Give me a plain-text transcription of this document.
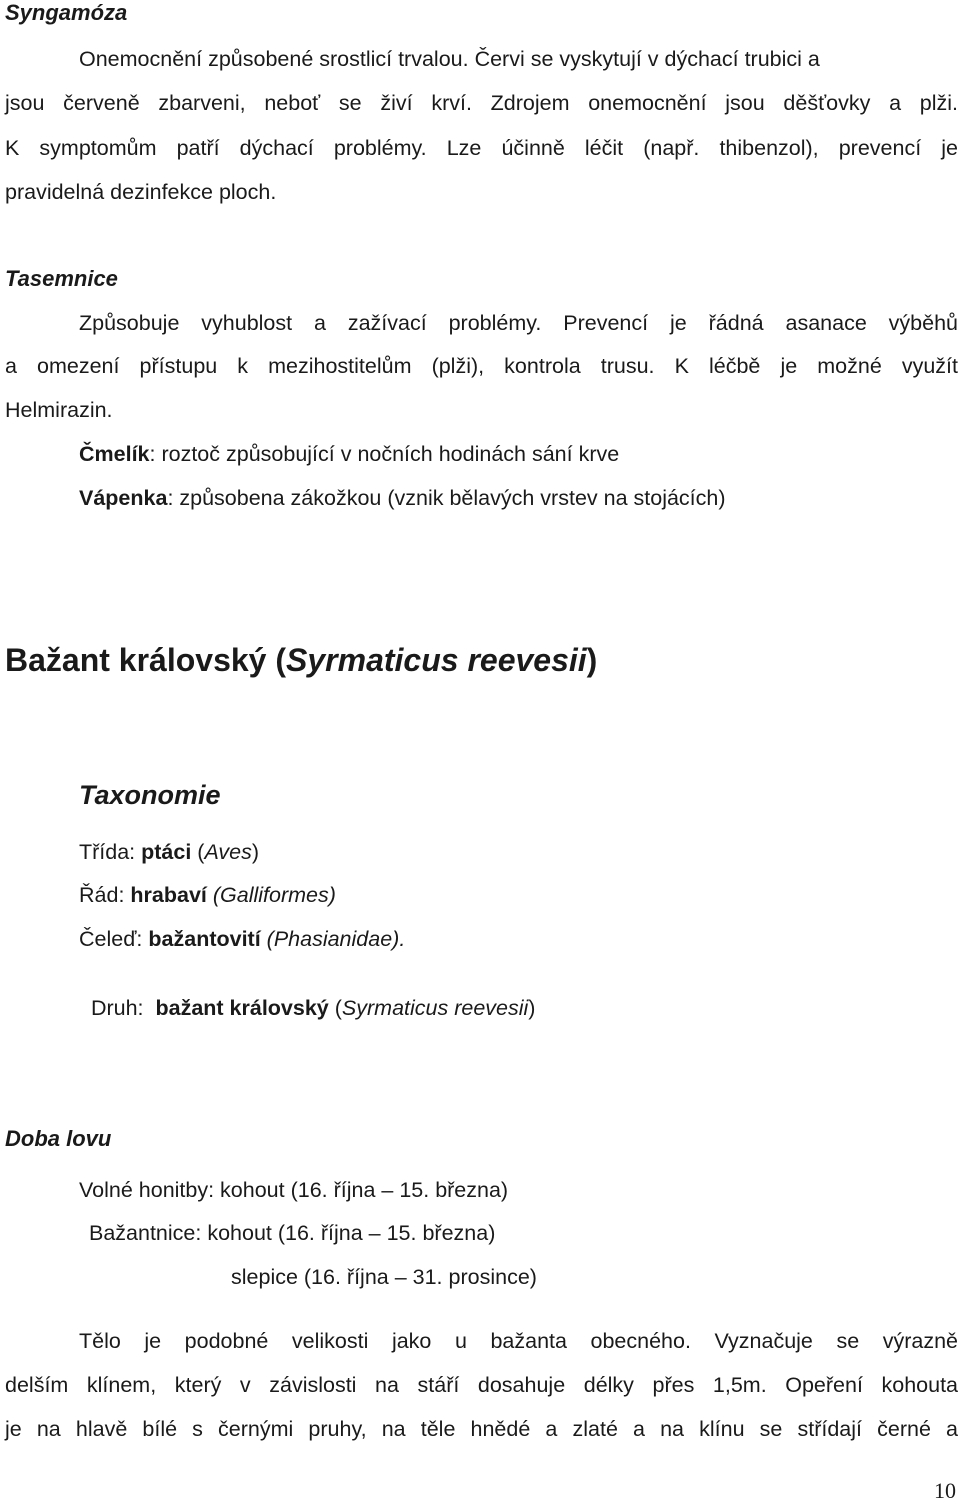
Syngamóza
Onemocnění způsobené srostlicí trvalou. Červi se vyskytují v dýchací trubici a
jsou červeně zbarveni, neboť se živí krví. Zdrojem onemocnění jsou děšťovky a plži.
K symptomům patří dýchací problémy. Lze účinně léčit (např. thibenzol), prevencí je
pravidelná dezinfekce ploch.
Tasemnice
Způsobuje vyhublost a zažívací problémy. Prevencí je řádná asanace výběhů
a omezení přístupu k mezihostitelům (plži), kontrola trusu. K léčbě je možné využít
Helmirazin.
Čmelík: roztoč způsobující v nočních hodinách sání krve
Vápenka: způsobena zákožkou (vznik bělavých vrstev na stojácích)
Bažant královský (Syrmaticus reevesii)
Taxonomie
Třída: ptáci (Aves)
Řád: hrabaví (Galliformes)
Čeleď: bažantovití (Phasianidae).

Druh:  bažant královský (Syrmaticus reevesii)

Doba lovu
Volné honitby: kohout (16. října – 15. března)
Bažantnice: kohout (16. října – 15. března)
slepice (16. října – 31. prosince)
Tělo je podobné velikosti jako u bažanta obecného. Vyznačuje se výrazně
delším klínem, který v závislosti na stáří dosahuje délky přes 1,5m. Opeření kohouta
je na hlavě bílé s černými pruhy, na těle hnědé a zlaté a na klínu se střídají černé a
10
